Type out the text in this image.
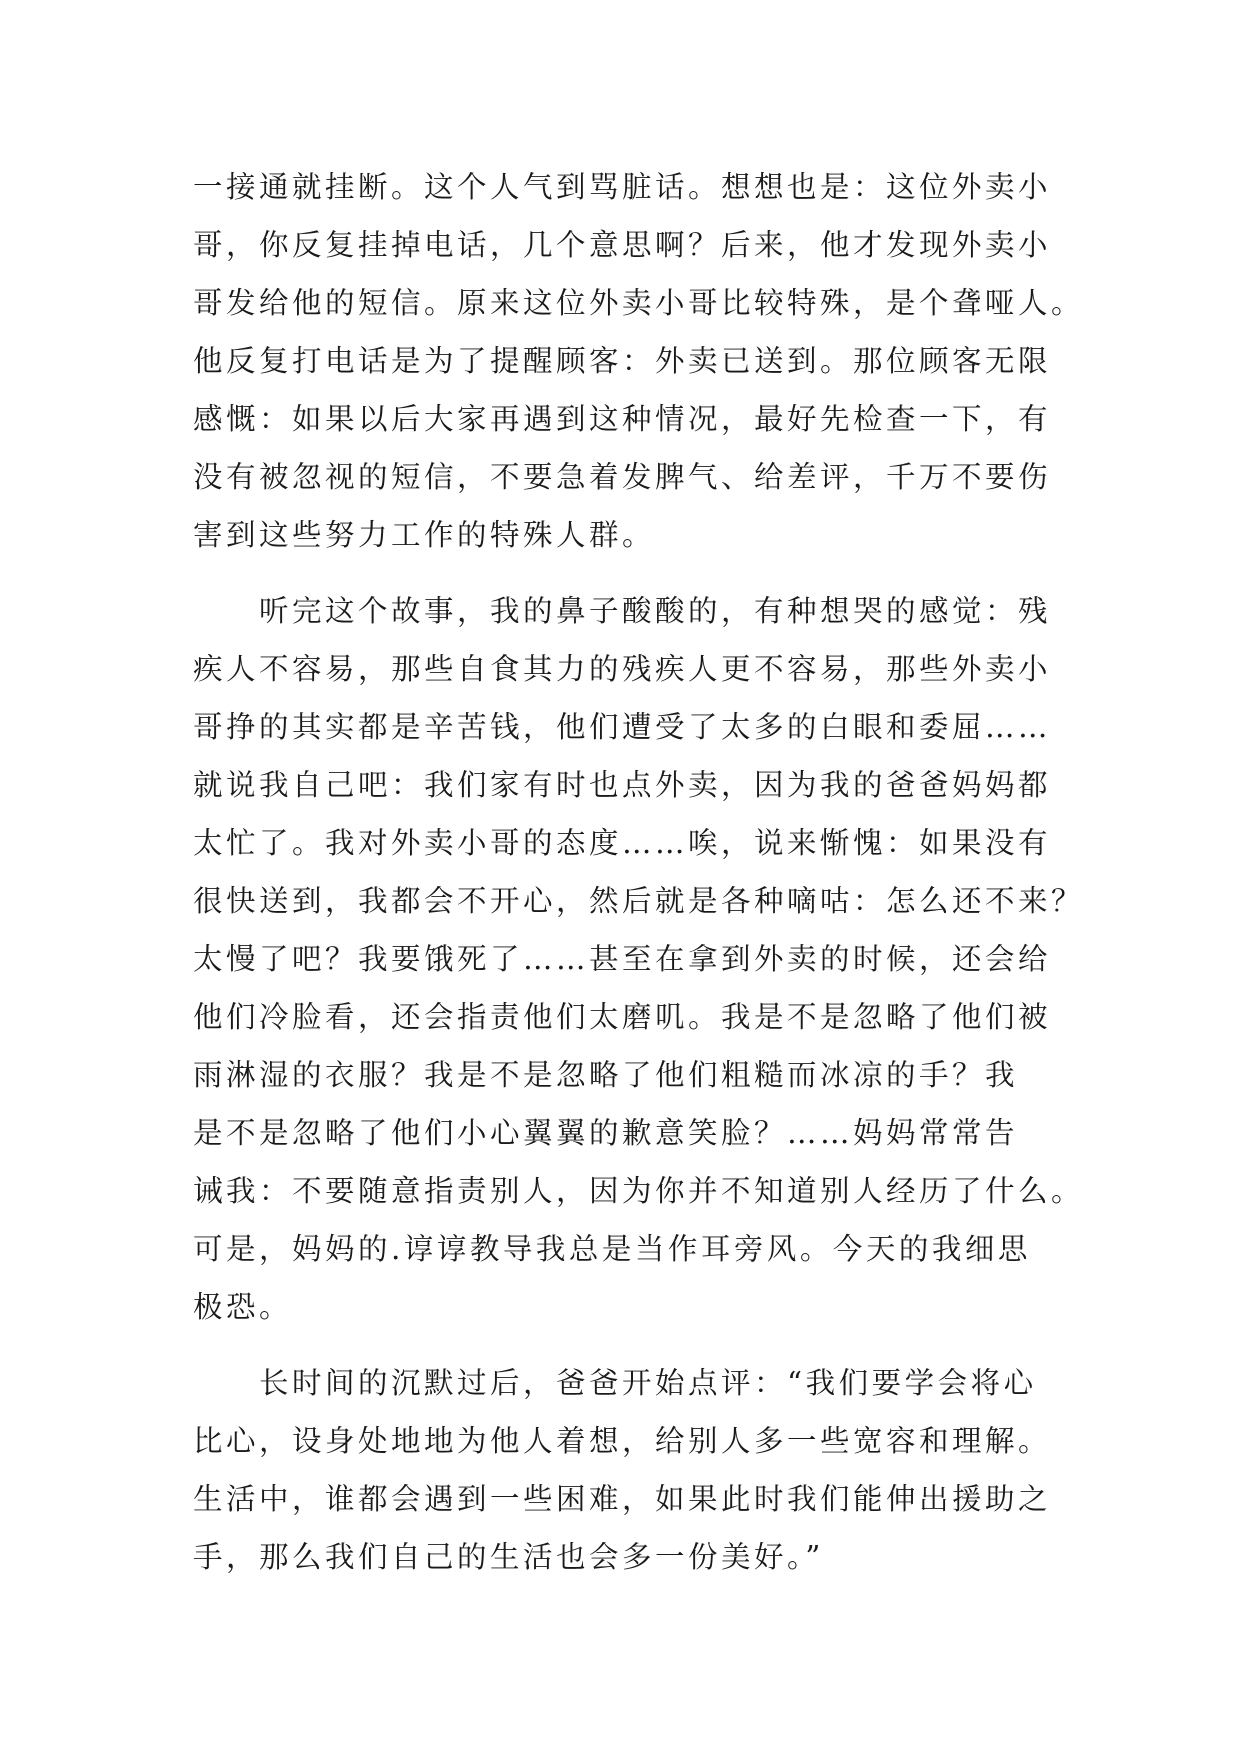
一接通就挂断。这个人气到骂脏话。想想也是：这位外卖小
哥，你反复挂掉电话，几个意思啊？后来，他才发现外卖小
哥发给他的短信。原来这位外卖小哥比较特殊，是个聋哑人。
他反复打电话是为了提醒顾客：外卖已送到。那位顾客无限
感慨：如果以后大家再遇到这种情况，最好先检查一下，有
没有被忽视的短信，不要急着发脾气、给差评，千万不要伤
害到这些努力工作的特殊人群。
听完这个故事，我的鼻子酸酸的，有种想哭的感觉：残
疾人不容易，那些自食其力的残疾人更不容易，那些外卖小
哥挣的其实都是辛苦钱，他们遭受了太多的白眼和委屈……
就说我自己吧：我们家有时也点外卖，因为我的爸爸妈妈都
太忙了。我对外卖小哥的态度……唉，说来惭愧：如果没有
很快送到，我都会不开心，然后就是各种嘀咕：怎么还不来？
太慢了吧？我要饿死了……甚至在拿到外卖的时候，还会给
他们冷脸看，还会指责他们太磨叽。我是不是忽略了他们被
雨淋湿的衣服？我是不是忽略了他们粗糙而冰凉的手？我
是不是忽略了他们小心翼翼的歉意笑脸？……妈妈常常告
诫我：不要随意指责别人，因为你并不知道别人经历了什么。
可是，妈妈的.谆谆教导我总是当作耳旁风。今天的我细思
极恐。
长时间的沉默过后，爸爸开始点评：“我们要学会将心
比心，设身处地地为他人着想，给别人多一些宽容和理解。
生活中，谁都会遇到一些困难，如果此时我们能伸出援助之
手，那么我们自己的生活也会多一份美好。”
